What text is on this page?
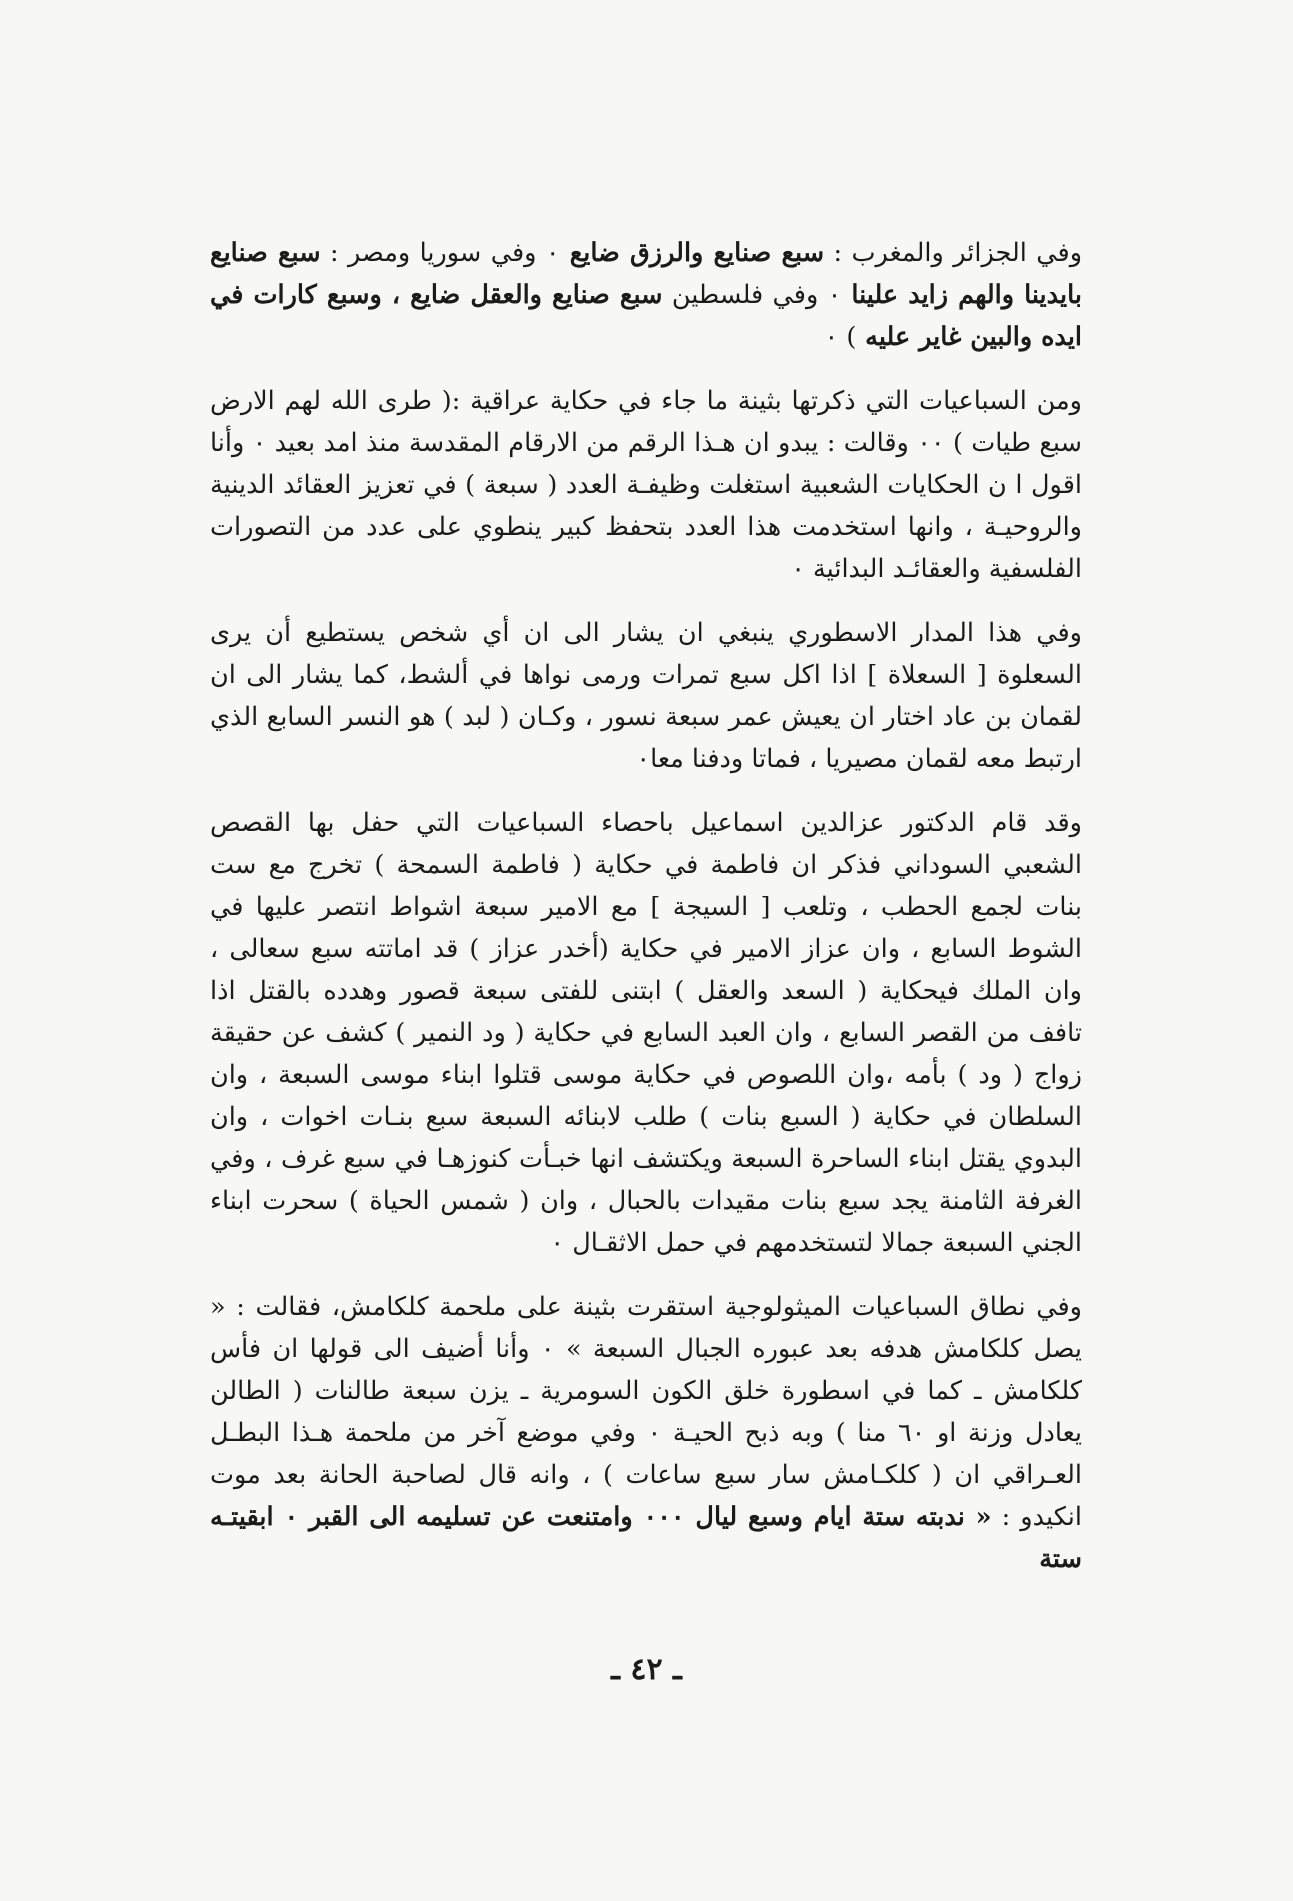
وفي الجزائر والمغرب : سبع صنايع والرزق ضايع ٠ وفي سوريا ومصر : سبع صنايع بايدينا والهم زايد علينا ٠ وفي فلسطين سبع صنايع والعقل ضايع ، وسبع كارات في ايده والبين غاير عليه ) ٠

ومن السباعيات التي ذكرتها بثينة ما جاء في حكاية عراقية :( طرى الله لهم الارض سبع طيات ) ٠٠ وقالت : يبدو ان هـذا الرقم من الارقام المقدسة منذ امد بعيد ٠ وأنا اقول ا ن الحكايات الشعبية استغلت وظيفـة العدد ( سبعة ) في تعزيز العقائد الدينية والروحيـة ، وانها استخدمت هذا العدد بتحفظ كبير ينطوي على عدد من التصورات الفلسفية والعقائـد البدائية ٠

وفي هذا المدار الاسطوري ينبغي ان يشار الى ان أي شخص يستطيع أن يرى السعلوة [ السعلاة ] اذا اكل سبع تمرات ورمى نواها في ألشط، كما يشار الى ان لقمان بن عاد اختار ان يعيش عمر سبعة نسور ، وكـان ( لبد ) هو النسر السابع الذي ارتبط معه لقمان مصيريا ، فماتا ودفنا معا٠

وقد قام الدكتور عزالدين اسماعيل باحصاء السباعيات التي حفل بها القصص الشعبي السوداني فذكر ان فاطمة في حكاية ( فاطمة السمحة ) تخرج مع ست بنات لجمع الحطب ، وتلعب [ السيجة ] مع الامير سبعة اشواط انتصر عليها في الشوط السابع ، وان عزاز الامير في حكاية (أخدر عزاز ) قد اماتته سبع سعالى ، وان الملك فيحكاية ( السعد والعقل ) ابتنى للفتى سبعة قصور وهدده بالقتل اذا تافف من القصر السابع ، وان العبد السابع في حكاية ( ود النمير ) كشف عن حقيقة زواج ( ود ) بأمه ،وان اللصوص في حكاية موسى قتلوا ابناء موسى السبعة ، وان السلطان في حكاية ( السبع بنات ) طلب لابنائه السبعة سبع بنـات اخوات ، وان البدوي يقتل ابناء الساحرة السبعة ويكتشف انها خبـأت كنوزهـا في سبع غرف ، وفي الغرفة الثامنة يجد سبع بنات مقيدات بالحبال ، وان ( شمس الحياة ) سحرت ابناء الجني السبعة جمالا لتستخدمهم في حمل الاثقـال ٠

وفي نطاق السباعيات الميثولوجية استقرت بثينة على ملحمة كلكامش، فقالت : « يصل كلكامش هدفه بعد عبوره الجبال السبعة » ٠ وأنا أضيف الى قولها ان فأس كلكامش ـ كما في اسطورة خلق الكون السومرية ـ يزن سبعة طالنات ( الطالن يعادل وزنة او ٦٠ منا ) وبه ذبح الحيـة ٠ وفي موضع آخر من ملحمة هـذا البطـل العـراقي ان ( كلكـامش سار سبع ساعات ) ، وانه قال لصاحبة الحانة بعد موت انكيدو : « ندبته ستة ايام وسبع ليال ٠٠٠ وامتنعت عن تسليمه الى القبر ٠ ابقيتـه ستة

ـ ٤٢ ـ
